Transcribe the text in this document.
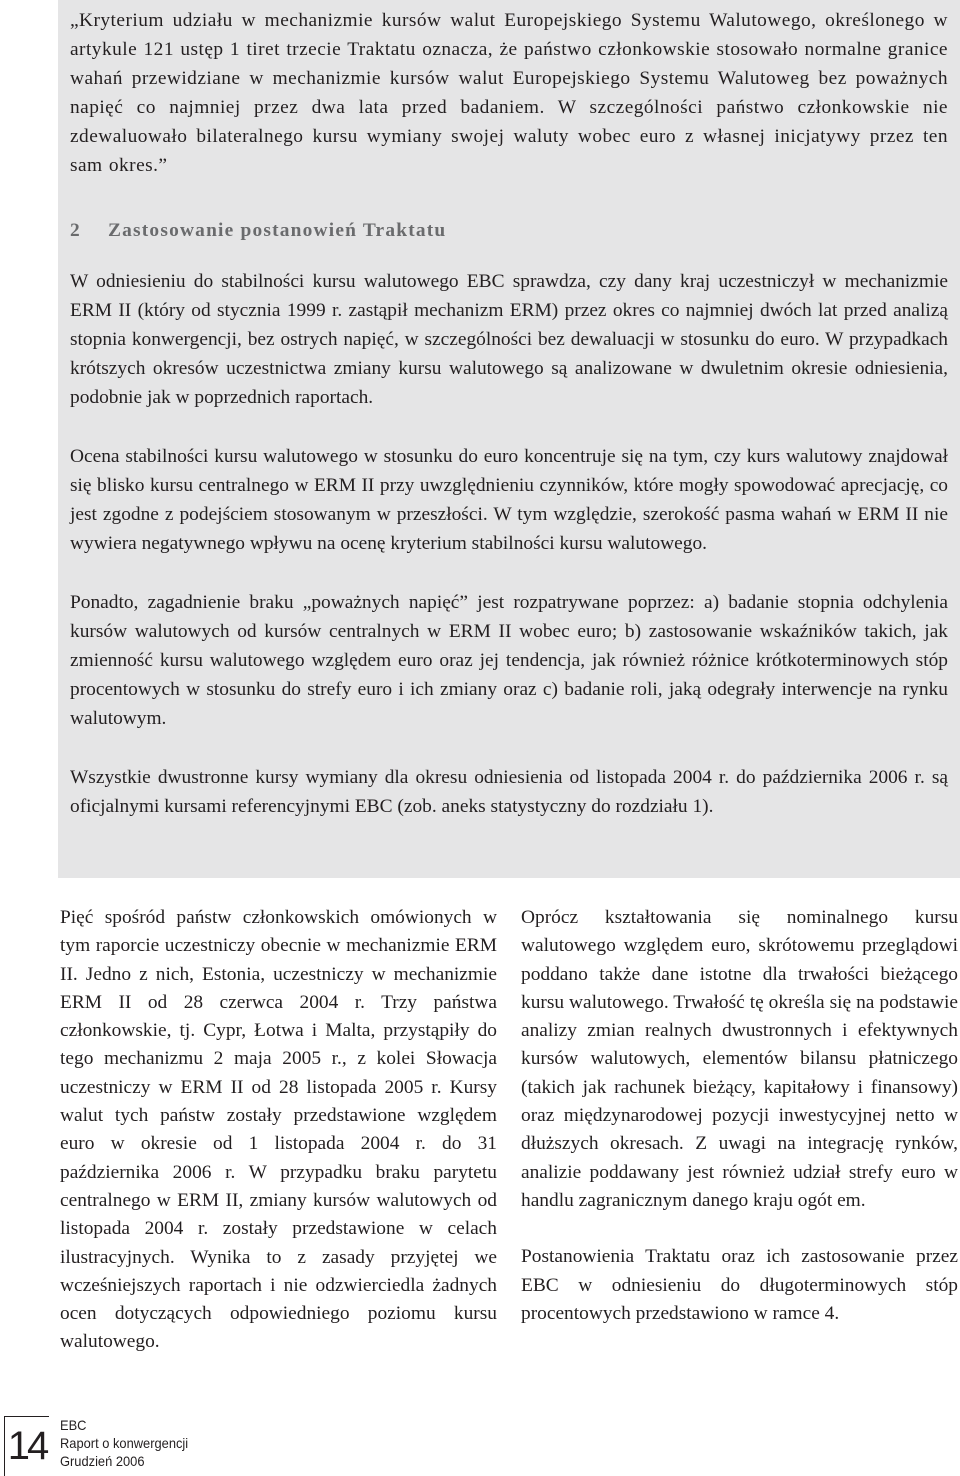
„Kryterium udziału w mechanizmie kursów walut Europejskiego Systemu Walutowego, określonego w artykule 121 ustęp 1 tiret trzecie Traktatu oznacza, że państwo członkowskie stosowało normalne granice wahań przewidziane w mechanizmie kursów walut Europejskiego Systemu Walutoweg bez poważnych napięć co najmniej przez dwa lata przed badaniem. W szczególności państwo członkowskie nie zdewaluowało bilateralnego kursu wymiany swojej waluty wobec euro z własnej inicjatywy przez ten sam okres.”

2 Zastosowanie postanowień Traktatu

W odniesieniu do stabilności kursu walutowego EBC sprawdza, czy dany kraj uczestniczył w mechanizmie ERM II (który od stycznia 1999 r. zastąpił mechanizm ERM) przez okres co najmniej dwóch lat przed analizą stopnia konwergencji, bez ostrych napięć, w szczególności bez dewaluacji w stosunku do euro. W przypadkach krótszych okresów uczestnictwa zmiany kursu walutowego są analizowane w dwuletnim okresie odniesienia, podobnie jak w poprzednich raportach.

Ocena stabilności kursu walutowego w stosunku do euro koncentruje się na tym, czy kurs walutowy znajdował się blisko kursu centralnego w ERM II przy uwzględnieniu czynników, które mogły spowodować aprecjację, co jest zgodne z podejściem stosowanym w przeszłości. W tym względzie, szerokość pasma wahań w ERM II nie wywiera negatywnego wpływu na ocenę kryterium stabilności kursu walutowego.

Ponadto, zagadnienie braku „poważnych napięć” jest rozpatrywane poprzez: a) badanie stopnia odchylenia kursów walutowych od kursów centralnych w ERM II wobec euro; b) zastosowanie wskaźników takich, jak zmienność kursu walutowego względem euro oraz jej tendencja, jak również różnice krótkoterminowych stóp procentowych w stosunku do strefy euro i ich zmiany oraz c) badanie roli, jaką odegrały interwencje na rynku walutowym.

Wszystkie dwustronne kursy wymiany dla okresu odniesienia od listopada 2004 r. do października 2006 r. są oficjalnymi kursami referencyjnymi EBC (zob. aneks statystyczny do rozdziału 1).

Pięć spośród państw członkowskich omówionych w tym raporcie uczestniczy obecnie w mechanizmie ERM II. Jedno z nich, Estonia, uczestniczy w mechanizmie ERM II od 28 czerwca 2004 r. Trzy państwa członkowskie, tj. Cypr, Łotwa i Malta, przystąpiły do tego mechanizmu 2 maja 2005 r., z kolei Słowacja uczestniczy w ERM II od 28 listopada 2005 r. Kursy walut tych państw zostały przedstawione względem euro w okresie od 1 listopada 2004 r. do 31 października 2006 r. W przypadku braku parytetu centralnego w ERM II, zmiany kursów walutowych od listopada 2004 r. zostały przedstawione w celach ilustracyjnych. Wynika to z zasady przyjętej we wcześniejszych raportach i nie odzwierciedla żadnych ocen dotyczących odpowiedniego poziomu kursu walutowego.

Oprócz kształtowania się nominalnego kursu walutowego względem euro, skrótowemu przeglądowi poddano także dane istotne dla trwałości bieżącego kursu walutowego. Trwałość tę określa się na podstawie analizy zmian realnych dwustronnych i efektywnych kursów walutowych, elementów bilansu płatniczego (takich jak rachunek bieżący, kapitałowy i finansowy) oraz międzynarodowej pozycji inwestycyjnej netto w dłuższych okresach. Z uwagi na integrację rynków, analizie poddawany jest również udział strefy euro w handlu zagranicznym danego kraju ogót em.

Postanowienia Traktatu oraz ich zastosowanie przez EBC w odniesieniu do długoterminowych stóp procentowych przedstawiono w ramce 4.

14 EBC
Raport o konwergencji
Grudzień 2006
